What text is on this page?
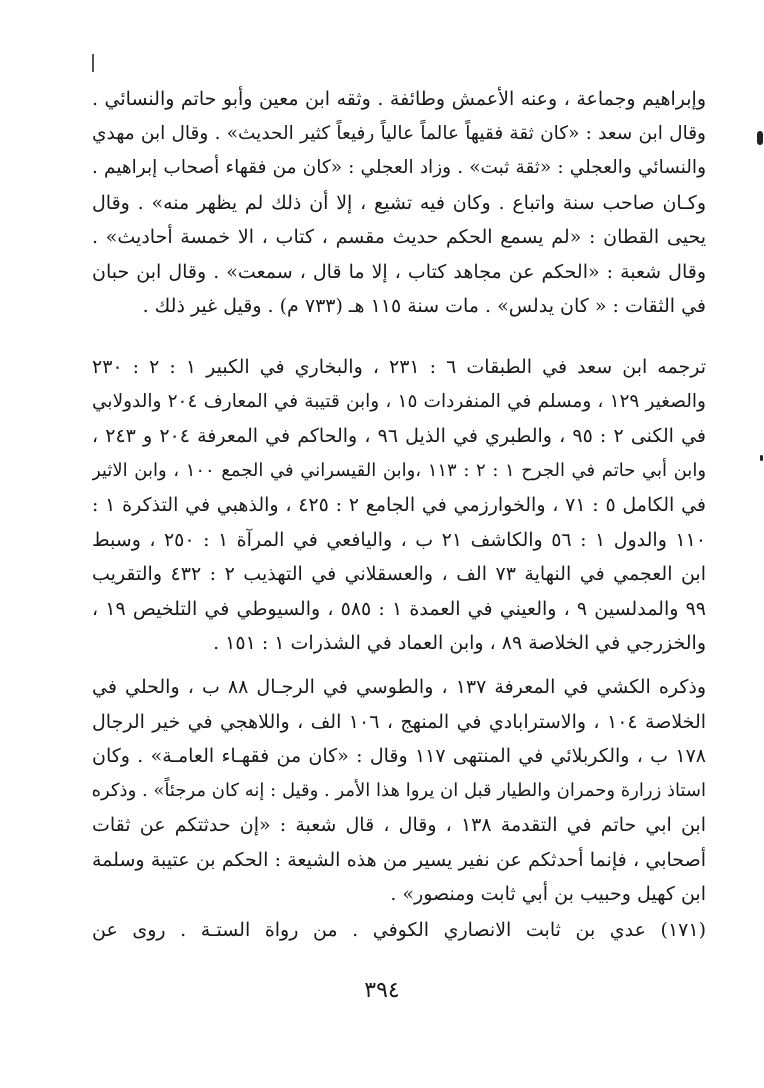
وإبراهيم وجماعة ، وعنه الأعمش وطائفة . وثقه ابن معين وأبو حاتم والنسائي .
وقال ابن سعد : «كان ثقة فقيهاً عالماً عالياً رفيعاً كثير الحديث» . وقال ابن مهدي
والنسائي والعجلي : «ثقة ثبت» . وزاد العجلي : «كان من فقهاء أصحاب إبراهيم .
وكـان صاحب سنة واتباع . وكان فيه تشيع ، إلا أن ذلك لم يظهر منه» . وقال
يحيى القطان : «لم يسمع الحكم حديث مقسم ، كتاب ، الا خمسة أحاديث» .
وقال شعبة : «الحكم عن مجاهد كتاب ، إلا ما قال ، سمعت» . وقال ابن حبان
في الثقات : « كان يدلس» . مات سنة ١١٥ هـ (٧٣٣ م) . وقيل غير ذلك .
ترجمه ابن سعد في الطبقات ٦ : ٢٣١ ، والبخاري في الكبير ١ : ٢ : ٢٣٠
والصغير ١٢٩ ، ومسلم في المنفردات ١٥ ، وابن قتيبة في المعارف ٢٠٤ والدولابي
في الكنى ٢ : ٩٥ ، والطبري في الذيل ٩٦ ، والحاكم في المعرفة ٢٠٤ و ٢٤٣ ،
وابن أبي حاتم في الجرح ١ : ٢ : ١١٣ ،وابن القيسراني في الجمع ١٠٠ ، وابن الاثير
في الكامل ٥ : ٧١ ، والخوارزمي في الجامع ٢ : ٤٢٥ ، والذهبي في التذكرة ١ :
١١٠ والدول ١ : ٥٦ والكاشف ٢١ ب ، واليافعي في المرآة ١ : ٢٥٠ ، وسبط
ابن العجمي في النهاية ٧٣ الف ، والعسقلاني في التهذيب ٢ : ٤٣٢ والتقريب
٩٩ والمدلسين ٩ ، والعيني في العمدة ١ : ٥٨٥ ، والسيوطي في التلخيص ١٩ ،
والخزرجي في الخلاصة ٨٩ ، وابن العماد في الشذرات ١ : ١٥١ .
وذكره الكشي في المعرفة ١٣٧ ، والطوسي في الرجـال ٨٨ ب ، والحلي في
الخلاصة ١٠٤ ، والاسترابادي في المنهج ، ١٠٦ الف ، واللاهجي في خير الرجال
١٧٨ ب ، والكربلائي في المنتهى ١١٧ وقال : «كان من فقهـاء العامـة» . وكان
استاذ زرارة وحمران والطيار قبل ان يروا هذا الأمر . وقيل : إنه كان مرجئاً» . وذكره
ابن ابي حاتم في التقدمة ١٣٨ ، وقال ، قال شعبة : «إن حدثتكم عن ثقات
أصحابي ، فإنما أحدثكم عن نفير يسير من هذه الشيعة : الحكم بن عتيبة وسلمة
ابن كهيل وحبيب بن أبي ثابت ومنصور» .
(١٧١) عدي بن ثابت الانصاري الكوفي . من رواة الستـة . روى عن
٣٩٤
